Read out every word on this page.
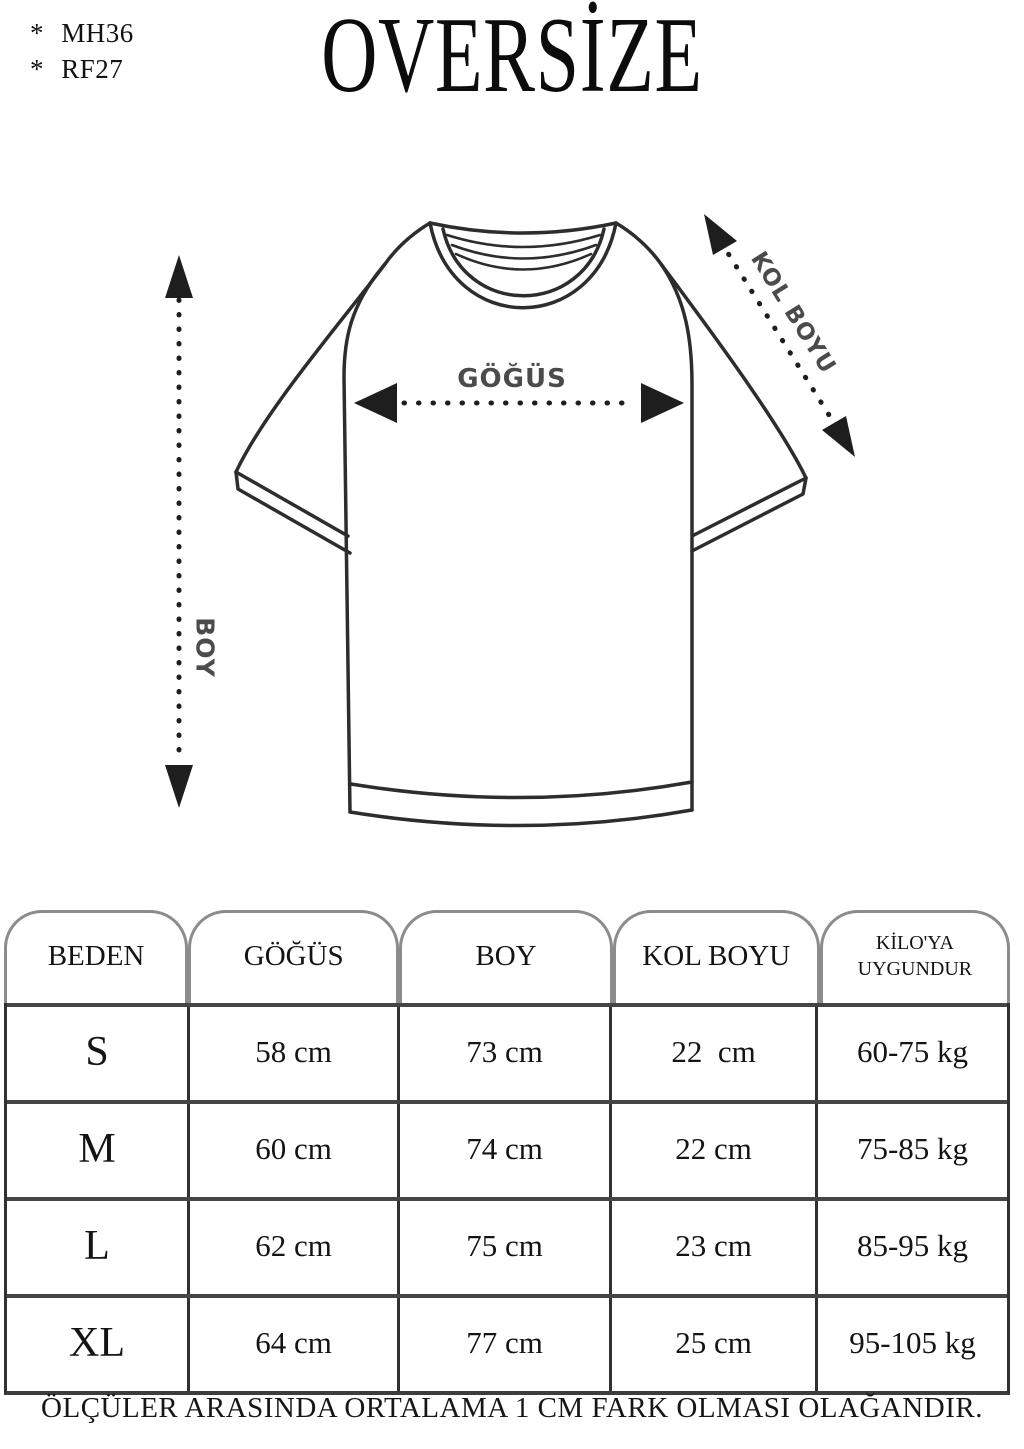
* MH36
* RF27	OVERSİZE
GÖĞÜS
BOY
KOL BOYU
BEDEN	GÖĞÜS	BOY	KOL BOYU	KİLO'YA UYGUNDUR
S	58 cm	73 cm	22  cm	60-75 kg
M	60 cm	74 cm	22 cm	75-85 kg
L	62 cm	75 cm	23 cm	85-95 kg
XL	64 cm	77 cm	25 cm	95-105 kg
ÖLÇÜLER ARASINDA ORTALAMA 1 CM FARK OLMASI OLAĞANDIR.
